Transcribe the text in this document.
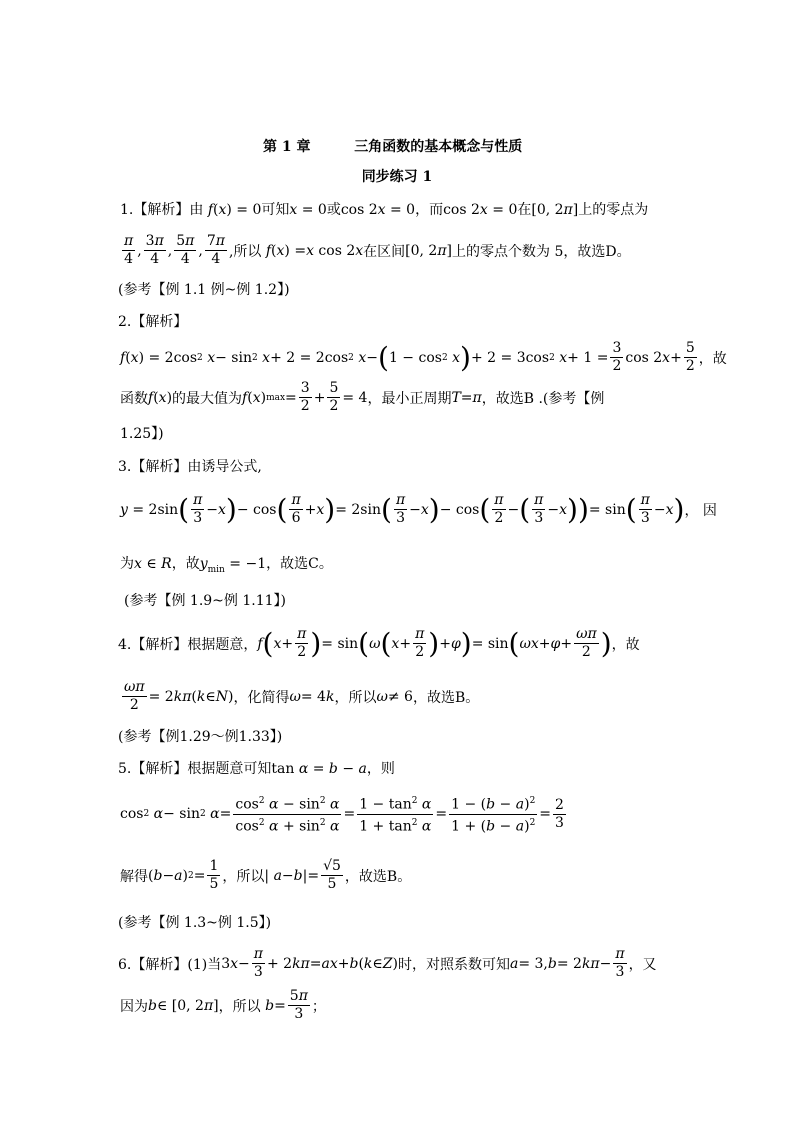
第 1 章	三角函数的基本概念与性质
同步练习 1
1.【解析】由 f(x) = 0可知x = 0或cos 2x = 0，而cos 2x = 0在[0, 2π]上的零点为
$\frac{\pi}{4}$ , $\frac{3\pi}{4}$ , $\frac{5\pi}{4}$ , $\frac{7\pi}{4}$ ,所以
f ( x ) = x cos 2 x 在区间 [0, 2 π ] 上的零点个数为 5，故选D。
(参考【例 1.1 例~例 1.2】)
2.【解析】
f ( x ) = 2cos 2
x − sin 2
x + 2 = 2cos 2
x − ( 1 − cos 2
x ) + 2 = 3cos 2
$x + 1 = \frac{3}{2}$ cos 2 $x + \frac{5}{2}$ ，故
函数 f ( x ) 的最大值为 f ( x ) $\max = \frac{3}{2} + \frac{5}{2} = 4$ ，最小正周期 T = π ，故选B .(参考【例
1.25】)
3.【解析】由诱导公式,
y = 2sin ( $\frac{\pi}{3} - x$ ) − cos ( $\frac{\pi}{6} + x$ ) = 2sin ( $\frac{\pi}{3} - x$ ) − cos ( $\frac{\pi}{2}$ − ( $\frac{\pi}{3} - x$ )) = sin ( $\frac{\pi}{3} - x$ ) ， 因
为x ∈ R，故$y_{min} = -1$，故选C。
(参考【例 1.9~例 1.11】)
4.【解析】 根据题意， f ( $x + \frac{\pi}{2}$ ) = sin ( ω ( $x + \frac{\pi}{2}$ ) + φ ) = sin ( $\omega x + \varphi + \frac{\omega\pi}{2}$ ) ，故
$\frac{\omega\pi}{2} = 2$ kπ ( k ∈ N ) ，化简得 ω = 4 k ，所以 ω ≠ 6 ，故选B。
(参考【例1.29～例1.33】)
5.【解析】根据题意可知tan α = b − a，则
cos 2
α − sin 2
$\alpha = \frac{\cos^2 \alpha - \sin^2 \alpha}{\cos^2 \alpha + \sin^2 \alpha} = \frac{1 - \tan^2 \alpha}{1 + \tan^2 \alpha} = \frac{1 - (b - a)^2}{1 + (b - a)^2} = \frac{2}{3}$
解得 ( b − a ) $2 = \frac{1}{5}$ ，所以 | a − b |= $\frac{√5}{5}$ ，故选B。
(参考【例 1.3~例 1.5】)
6.【解析】 (1)当 3 $x - \frac{\pi}{3} + 2$ kπ = ax + b ( k ∈ Z ) 时，对照系数可知 a = 3, b = 2 $k\pi - \frac{\pi}{3}$ ，又
因为 b ∈ [0, 2 π ] ，所以
$b = \frac{5\pi}{3}$ ；
